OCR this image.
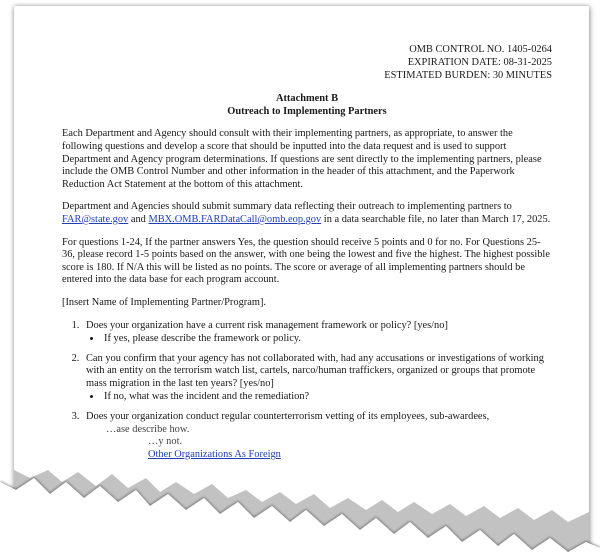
OMB CONTROL NO. 1405-0264
EXPIRATION DATE: 08-31-2025
ESTIMATED BURDEN: 30 MINUTES
Attachment B
Outreach to Implementing Partners

Each Department and Agency should consult with their implementing partners, as appropriate, to answer the following questions and develop a score that should be inputted into the data request and is used to support Department and Agency program determinations. If questions are sent directly to the implementing partners, please include the OMB Control Number and other information in the header of this attachment, and the Paperwork Reduction Act Statement at the bottom of this attachment.

Department and Agencies should submit summary data reflecting their outreach to implementing partners to FAR@state.gov and MBX.OMB.FARDataCall@omb.eop.gov in a data searchable file, no later than March 17, 2025.

For questions 1-24, If the partner answers Yes, the question should receive 5 points and 0 for no. For Questions 25-36, please record 1-5 points based on the answer, with one being the lowest and five the highest. The highest possible score is 180. If N/A this will be listed as no points. The score or average of all implementing partners should be entered into the data base for each program account.

[Insert Name of Implementing Partner/Program].

1. Does your organization have a current risk management framework or policy? [yes/no]
• If yes, please describe the framework or policy.
2. Can you confirm that your agency has not collaborated with, had any accusations or investigations of working with an entity on the terrorism watch list, cartels, narco/human traffickers, organized or groups that promote mass migration in the last ten years? [yes/no]
• If no, what was the incident and the remediation?
3. Does your organization conduct regular counterterrorism vetting of its employees, sub-awardees,
…ase describe how.
…y not.
Other Organizations As Foreign
